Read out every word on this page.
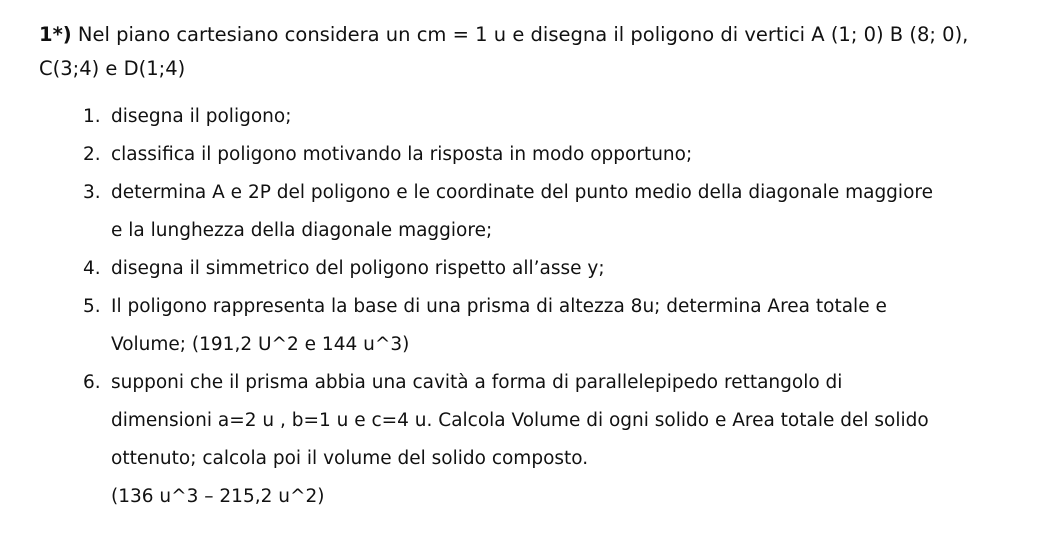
1*) Nel piano cartesiano considera un cm = 1 u e disegna il poligono di vertici A (1; 0) B (8; 0),
C(3;4) e D(1;4)
1. disegna il poligono;
2. classifica il poligono motivando la risposta in modo opportuno;
3. determina A e 2P del poligono e le coordinate del punto medio della diagonale maggiore
e la lunghezza della diagonale maggiore;
4. disegna il simmetrico del poligono rispetto all’asse y;
5. Il poligono rappresenta la base di una prisma di altezza 8u; determina Area totale e
Volume; (191,2 U^2 e 144 u^3)
6. supponi che il prisma abbia una cavità a forma di parallelepipedo rettangolo di
dimensioni a=2 u , b=1 u e c=4 u. Calcola Volume di ogni solido e Area totale del solido
ottenuto; calcola poi il volume del solido composto.
(136 u^3 – 215,2 u^2)
